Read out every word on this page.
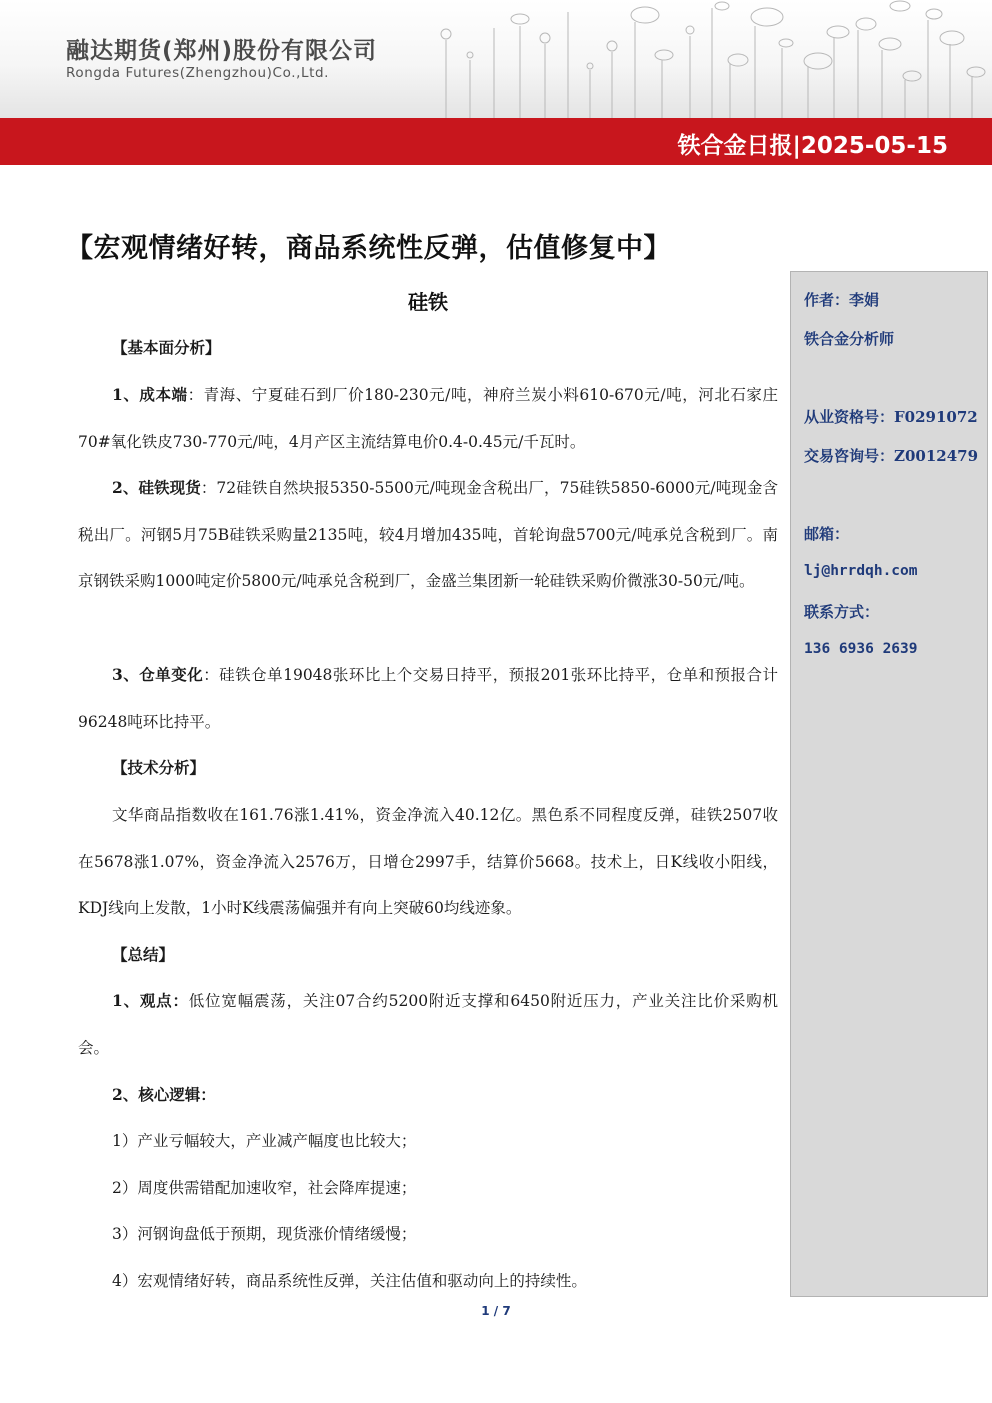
融达期货(郑州)股份有限公司
Rongda Futures(Zhengzhou)Co.,Ltd.
铁合金日报|2025-05-15
【宏观情绪好转，商品系统性反弹，估值修复中】
硅铁	作者：李娟
铁合金分析师
从业资格号：F0291072
交易咨询号：Z0012479
邮箱：
lj@hrrdqh.com
联系方式：
136 6936 2639
【基本面分析】
1、成本端：青海、宁夏硅石到厂价180-230元/吨，神府兰炭小料610-670元/吨，河北石家庄70#氧化铁皮730-770元/吨，4月产区主流结算电价0.4-0.45元/千瓦时。
2、硅铁现货：72硅铁自然块报5350-5500元/吨现金含税出厂，75硅铁5850-6000元/吨现金含税出厂。河钢5月75B硅铁采购量2135吨，较4月增加435吨，首轮询盘5700元/吨承兑含税到厂。南京钢铁采购1000吨定价5800元/吨承兑含税到厂，金盛兰集团新一轮硅铁采购价微涨30-50元/吨。
3、仓单变化：硅铁仓单19048张环比上个交易日持平，预报201张环比持平，仓单和预报合计96248吨环比持平。
【技术分析】
文华商品指数收在161.76涨1.41%，资金净流入40.12亿。黑色系不同程度反弹，硅铁2507收在5678涨1.07%，资金净流入2576万，日增仓2997手，结算价5668。技术上，日K线收小阳线，KDJ线向上发散，1小时K线震荡偏强并有向上突破60均线迹象。
【总结】
1、观点：低位宽幅震荡，关注07合约5200附近支撑和6450附近压力，产业关注比价采购机会。
2、核心逻辑：
1）产业亏幅较大，产业减产幅度也比较大；
2）周度供需错配加速收窄，社会降库提速；
3）河钢询盘低于预期，现货涨价情绪缓慢；
4）宏观情绪好转，商品系统性反弹，关注估值和驱动向上的持续性。
1 / 7
